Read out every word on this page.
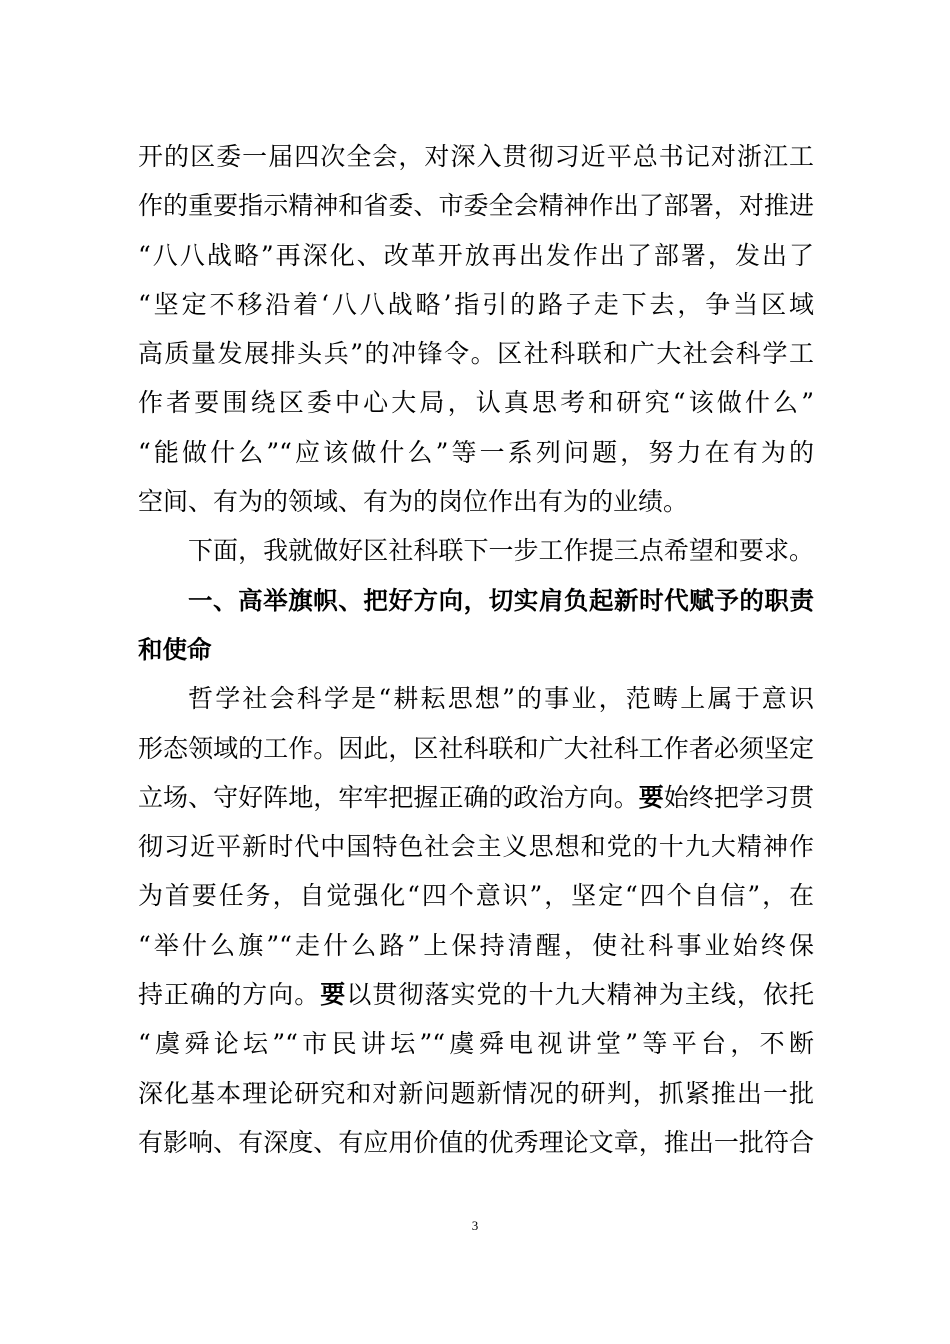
开的区委一届四次全会，对深入贯彻习近平总书记对浙江工
作的重要指示精神和省委、市委全会精神作出了部署，对推进
“八八战略”再深化、改革开放再出发作出了部署，发出了
“坚定不移沿着‘八八战略’指引的路子走下去，争当区域
高质量发展排头兵”的冲锋令。区社科联和广大社会科学工
作者要围绕区委中心大局，认真思考和研究“该做什么”
“能做什么”“应该做什么”等一系列问题，努力在有为的
空间、有为的领域、有为的岗位作出有为的业绩。
下面，我就做好区社科联下一步工作提三点希望和要求。
一、高举旗帜、把好方向，切实肩负起新时代赋予的职责
和使命
哲学社会科学是“耕耘思想”的事业，范畴上属于意识
形态领域的工作。因此，区社科联和广大社科工作者必须坚定
立场、守好阵地，牢牢把握正确的政治方向。要始终把学习贯
彻习近平新时代中国特色社会主义思想和党的十九大精神作
为首要任务，自觉强化“四个意识”，坚定“四个自信”，在
“举什么旗”“走什么路”上保持清醒，使社科事业始终保
持正确的方向。要以贯彻落实党的十九大精神为主线，依托
“虞舜论坛”“市民讲坛”“虞舜电视讲堂”等平台，不断
深化基本理论研究和对新问题新情况的研判，抓紧推出一批
有影响、有深度、有应用价值的优秀理论文章，推出一批符合
3
